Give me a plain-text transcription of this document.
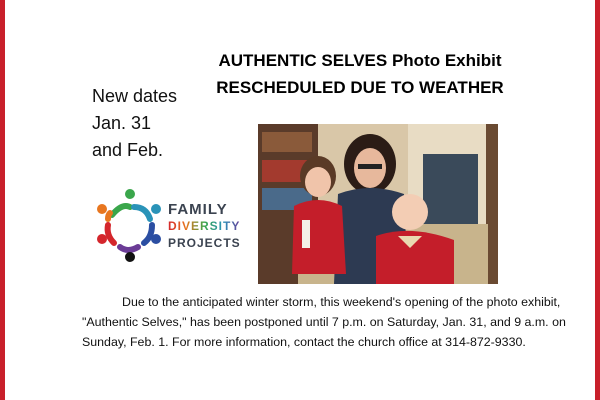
AUTHENTIC SELVES Photo Exhibit
RESCHEDULED DUE TO WEATHER
New dates
Jan. 31
and Feb.
FAMILY
DIVERSITY
PROJECTS
Due to the anticipated winter storm, this weekend's opening of the photo exhibit, "Authentic Selves," has been postponed until 7 p.m. on Saturday, Jan. 31, and 9 a.m. on Sunday, Feb. 1. For more information, contact the church office at 314-872-9330.
